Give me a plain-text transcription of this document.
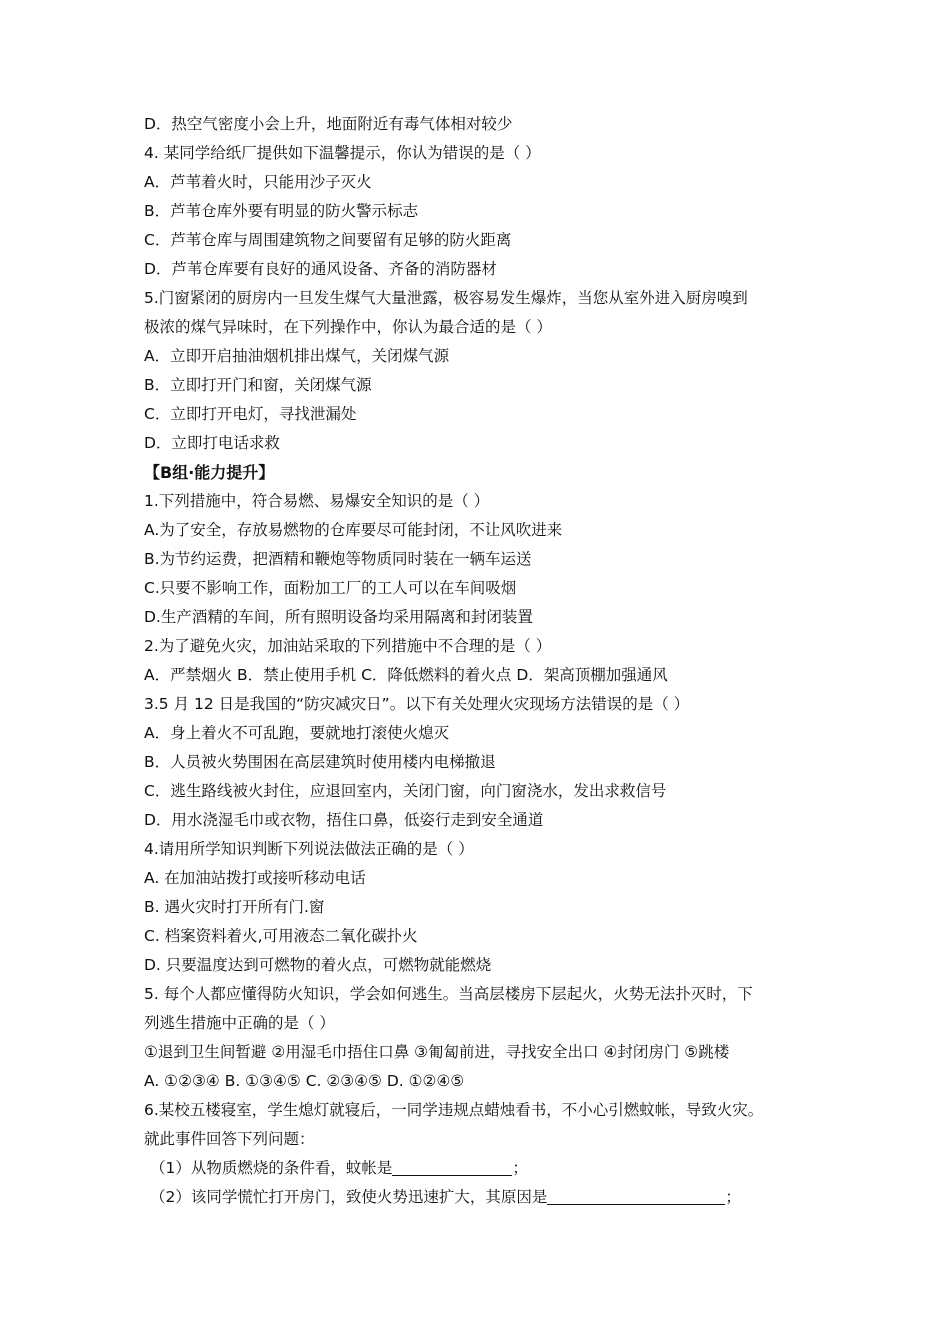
D．热空气密度小会上升，地面附近有毒气体相对较少
4. 某同学给纸厂提供如下温馨提示，你认为错误的是（ ）
A．芦苇着火时，只能用沙子灭火
B．芦苇仓库外要有明显的防火警示标志
C．芦苇仓库与周围建筑物之间要留有足够的防火距离
D．芦苇仓库要有良好的通风设备、齐备的消防器材
5.门窗紧闭的厨房内一旦发生煤气大量泄露，极容易发生爆炸，当您从室外进入厨房嗅到
极浓的煤气异味时，在下列操作中，你认为最合适的是（ ）
A．立即开启抽油烟机排出煤气，关闭煤气源
B．立即打开门和窗，关闭煤气源
C．立即打开电灯，寻找泄漏处
D．立即打电话求救
【B组·能力提升】
1.下列措施中，符合易燃、易爆安全知识的是（ ）
A.为了安全，存放易燃物的仓库要尽可能封闭，不让风吹进来
B.为节约运费，把酒精和鞭炮等物质同时装在一辆车运送
C.只要不影响工作，面粉加工厂的工人可以在车间吸烟
D.生产酒精的车间，所有照明设备均采用隔离和封闭装置
2.为了避免火灾，加油站采取的下列措施中不合理的是（ ）
A．严禁烟火 B．禁止使用手机 C．降低燃料的着火点 D．架高顶棚加强通风
3.5 月 12 日是我国的“防灾减灾日”。以下有关处理火灾现场方法错误的是（ ）
A．身上着火不可乱跑，要就地打滚使火熄灭
B．人员被火势围困在高层建筑时使用楼内电梯撤退
C．逃生路线被火封住，应退回室内，关闭门窗，向门窗浇水，发出求救信号
D．用水浇湿毛巾或衣物，捂住口鼻，低姿行走到安全通道
4.请用所学知识判断下列说法做法正确的是（ ）
A. 在加油站拨打或接听移动电话
B. 遇火灾时打开所有门.窗
C. 档案资料着火,可用液态二氧化碳扑火
D. 只要温度达到可燃物的着火点，可燃物就能燃烧
5. 每个人都应懂得防火知识，学会如何逃生。当高层楼房下层起火，火势无法扑灭时，下
列逃生措施中正确的是（ ）
①退到卫生间暂避 ②用湿毛巾捂住口鼻 ③匍匐前进，寻找安全出口 ④封闭房门 ⑤跳楼
A. ①②③④ B. ①③④⑤ C. ②③④⑤ D. ①②④⑤
6.某校五楼寝室，学生熄灯就寝后，一同学违规点蜡烛看书，不小心引燃蚊帐，导致火灾。
就此事件回答下列问题：
（1）从物质燃烧的条件看，蚊帐是	；
（2）该同学慌忙打开房门，致使火势迅速扩大，其原因是	；
